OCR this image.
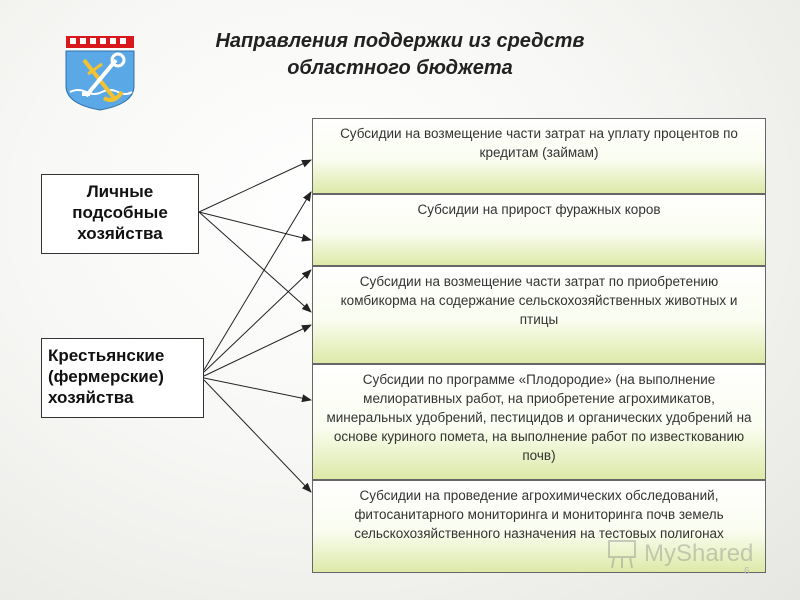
Направления поддержки из средств
областного бюджета
Личные
подсобные
хозяйства
Крестьянские
(фермерские)
хозяйства
Субсидии на возмещение части затрат на уплату процентов по кредитам (займам)
Субсидии на прирост фуражных коров
Субсидии на возмещение части затрат по приобретению комбикорма на содержание сельскохозяйственных животных и птицы
Субсидии по программе «Плодородие» (на выполнение мелиоративных работ, на приобретение агрохимикатов, минеральных удобрений, пестицидов и органических удобрений на основе куриного помета, на выполнение работ по известкованию почв)
Субсидии на проведение агрохимических обследований, фитосанитарного мониторинга и мониторинга почв земель сельскохозяйственного назначения на тестовых полигонах
MyShared
6
